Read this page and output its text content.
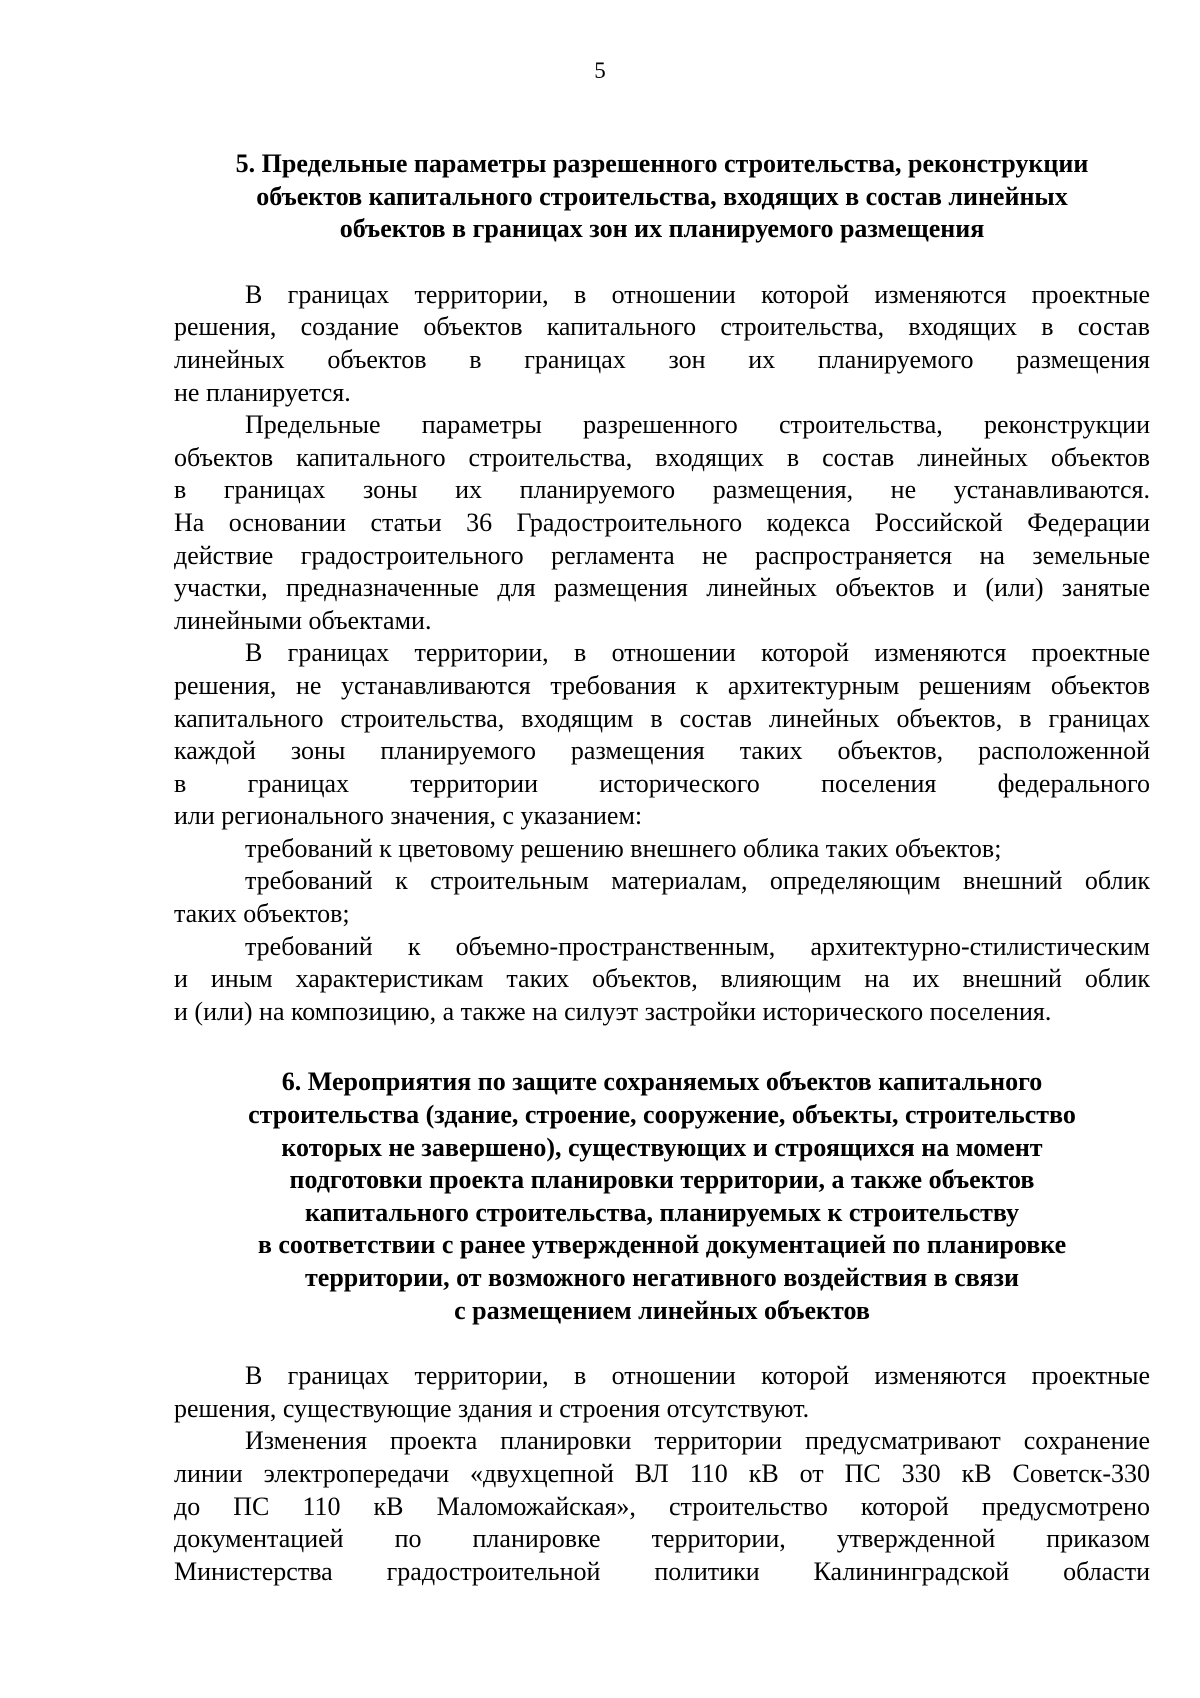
5
5. Предельные параметры разрешенного строительства, реконструкции
объектов капитального строительства, входящих в состав линейных
объектов в границах зон их планируемого размещения

В границах территории, в отношении которой изменяются проектные
решения, создание объектов капитального строительства, входящих в состав
линейных объектов в границах зон их планируемого размещения
не планируется.

Предельные параметры разрешенного строительства, реконструкции
объектов капитального строительства, входящих в состав линейных объектов
в границах зоны их планируемого размещения, не устанавливаются.
На основании статьи 36 Градостроительного кодекса Российской Федерации
действие градостроительного регламента не распространяется на земельные
участки, предназначенные для размещения линейных объектов и (или) занятые
линейными объектами.

В границах территории, в отношении которой изменяются проектные
решения, не устанавливаются требования к архитектурным решениям объектов
капитального строительства, входящим в состав линейных объектов, в границах
каждой зоны планируемого размещения таких объектов, расположенной
в границах территории исторического поселения федерального
или регионального значения, с указанием:

требований к цветовому решению внешнего облика таких объектов;

требований к строительным материалам, определяющим внешний облик
таких объектов;

требований к объемно-пространственным, архитектурно-стилистическим
и иным характеристикам таких объектов, влияющим на их внешний облик
и (или) на композицию, а также на силуэт застройки исторического поселения.

6. Мероприятия по защите сохраняемых объектов капитального
строительства (здание, строение, сооружение, объекты, строительство
которых не завершено), существующих и строящихся на момент
подготовки проекта планировки территории, а также объектов
капитального строительства, планируемых к строительству
в соответствии с ранее утвержденной документацией по планировке
территории, от возможного негативного воздействия в связи
с размещением линейных объектов

В границах территории, в отношении которой изменяются проектные
решения, существующие здания и строения отсутствуют.

Изменения проекта планировки территории предусматривают сохранение
линии электропередачи «двухцепной ВЛ 110 кВ от ПС 330 кВ Советск-330
до ПС 110 кВ Маломожайская», строительство которой предусмотрено
документацией по планировке территории, утвержденной приказом
Министерства градостроительной политики Калининградской области
